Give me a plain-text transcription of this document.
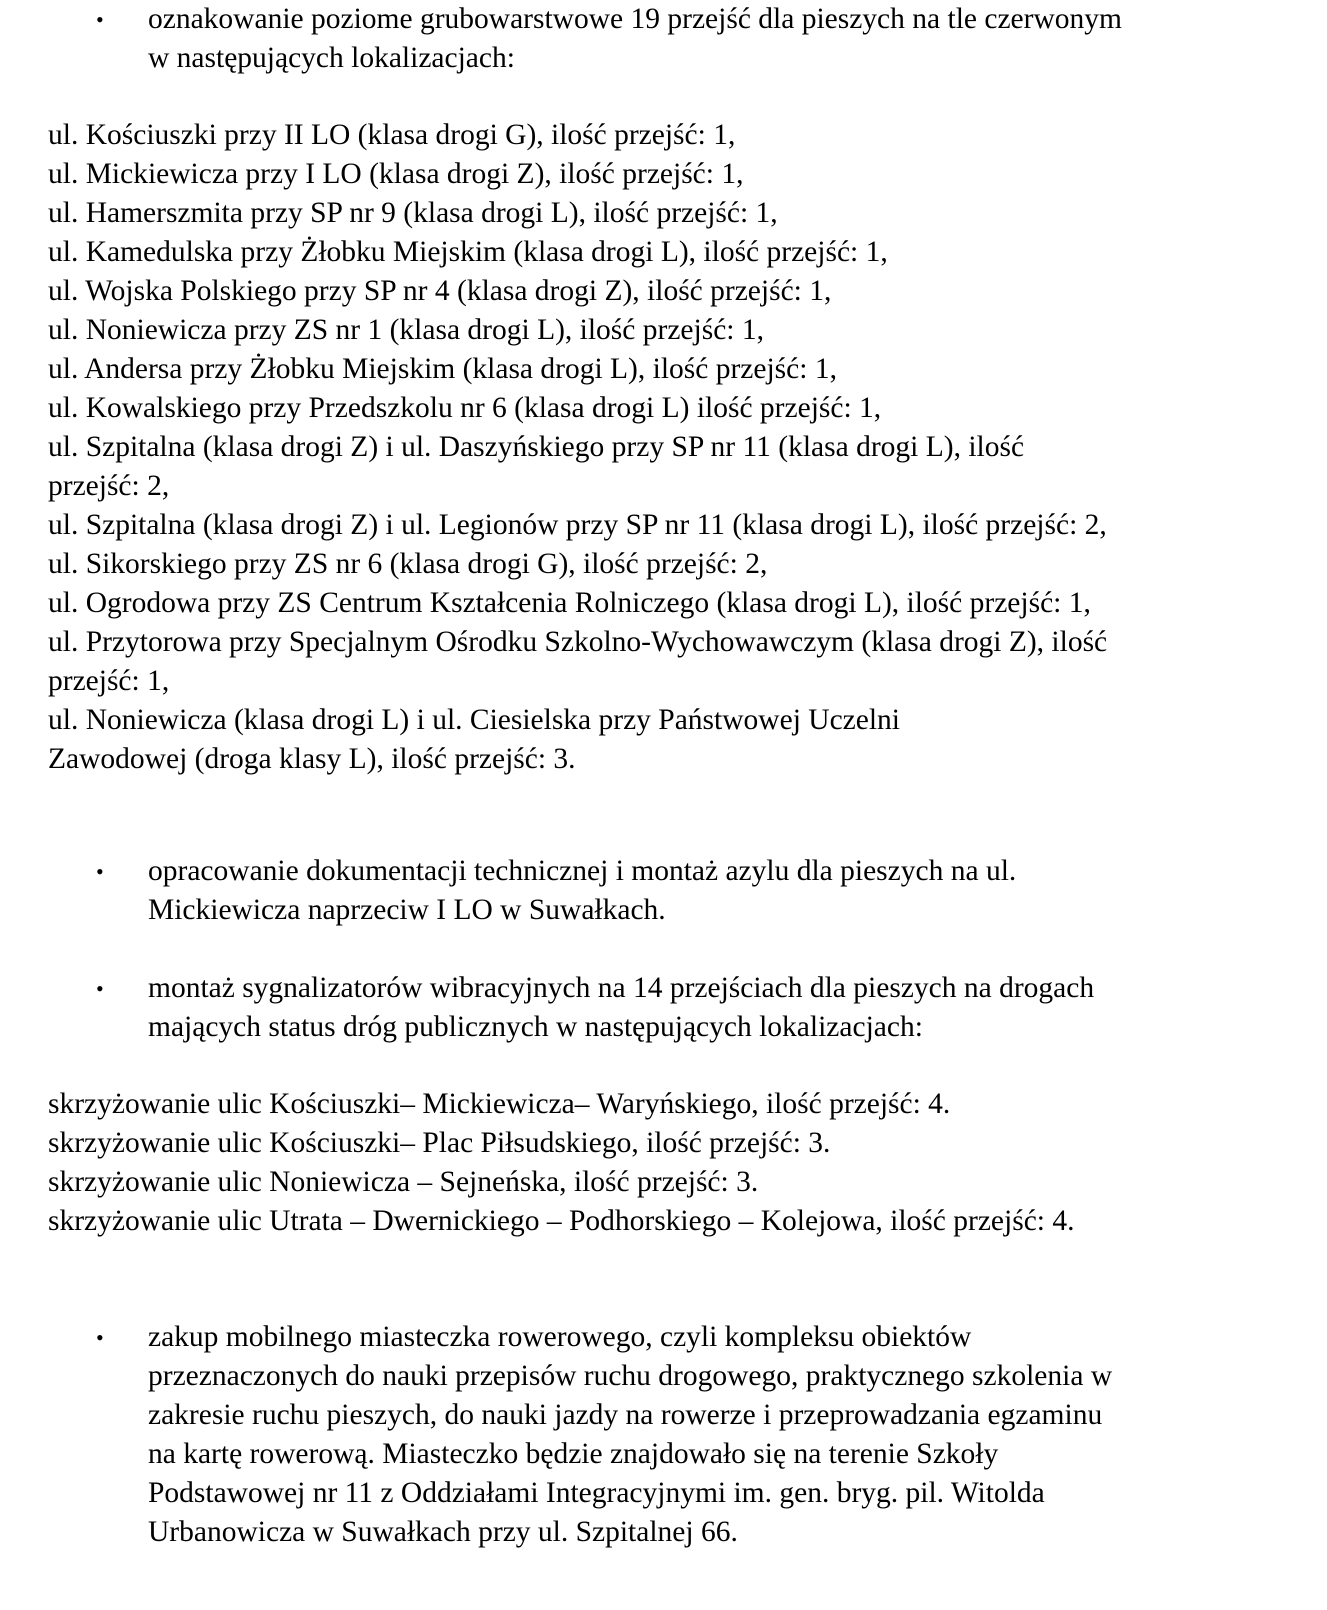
•	oznakowanie poziome grubowarstwowe 19 przejść dla pieszych na tle czerwonym
w następujących lokalizacjach:
ul. Kościuszki przy II LO (klasa drogi G), ilość przejść: 1,
ul. Mickiewicza przy I LO (klasa drogi Z), ilość przejść: 1,
ul. Hamerszmita przy SP nr 9 (klasa drogi L), ilość przejść: 1,
ul. Kamedulska przy Żłobku Miejskim (klasa drogi L), ilość przejść: 1,
ul. Wojska Polskiego przy SP nr 4 (klasa drogi Z), ilość przejść: 1,
ul. Noniewicza przy ZS nr 1 (klasa drogi L), ilość przejść: 1,
ul. Andersa przy Żłobku Miejskim (klasa drogi L), ilość przejść: 1,
ul. Kowalskiego przy Przedszkolu nr 6 (klasa drogi L) ilość przejść: 1,
ul. Szpitalna (klasa drogi Z) i ul. Daszyńskiego przy SP nr 11 (klasa drogi L), ilość
przejść: 2,
ul. Szpitalna (klasa drogi Z) i ul. Legionów przy SP nr 11 (klasa drogi L), ilość przejść: 2,
ul. Sikorskiego przy ZS nr 6 (klasa drogi G), ilość przejść: 2,
ul. Ogrodowa przy ZS Centrum Kształcenia Rolniczego (klasa drogi L), ilość przejść: 1,
ul. Przytorowa przy Specjalnym Ośrodku Szkolno-Wychowawczym (klasa drogi Z), ilość
przejść: 1,
ul. Noniewicza (klasa drogi L) i ul. Ciesielska przy Państwowej Uczelni
Zawodowej (droga klasy L), ilość przejść: 3.
•	opracowanie dokumentacji technicznej i montaż azylu dla pieszych na ul.
Mickiewicza naprzeciw I LO w Suwałkach.
•	montaż sygnalizatorów wibracyjnych na 14 przejściach dla pieszych na drogach
mających status dróg publicznych w następujących lokalizacjach:
skrzyżowanie ulic Kościuszki– Mickiewicza– Waryńskiego, ilość przejść: 4.
skrzyżowanie ulic Kościuszki– Plac Piłsudskiego, ilość przejść: 3.
skrzyżowanie ulic Noniewicza – Sejneńska, ilość przejść: 3.
skrzyżowanie ulic Utrata – Dwernickiego – Podhorskiego – Kolejowa, ilość przejść: 4.
•	zakup mobilnego miasteczka rowerowego, czyli kompleksu obiektów
przeznaczonych do nauki przepisów ruchu drogowego, praktycznego szkolenia w
zakresie ruchu pieszych, do nauki jazdy na rowerze i przeprowadzania egzaminu
na kartę rowerową. Miasteczko będzie znajdowało się na terenie Szkoły
Podstawowej nr 11 z Oddziałami Integracyjnymi im. gen. bryg. pil. Witolda
Urbanowicza w Suwałkach przy ul. Szpitalnej 66.
